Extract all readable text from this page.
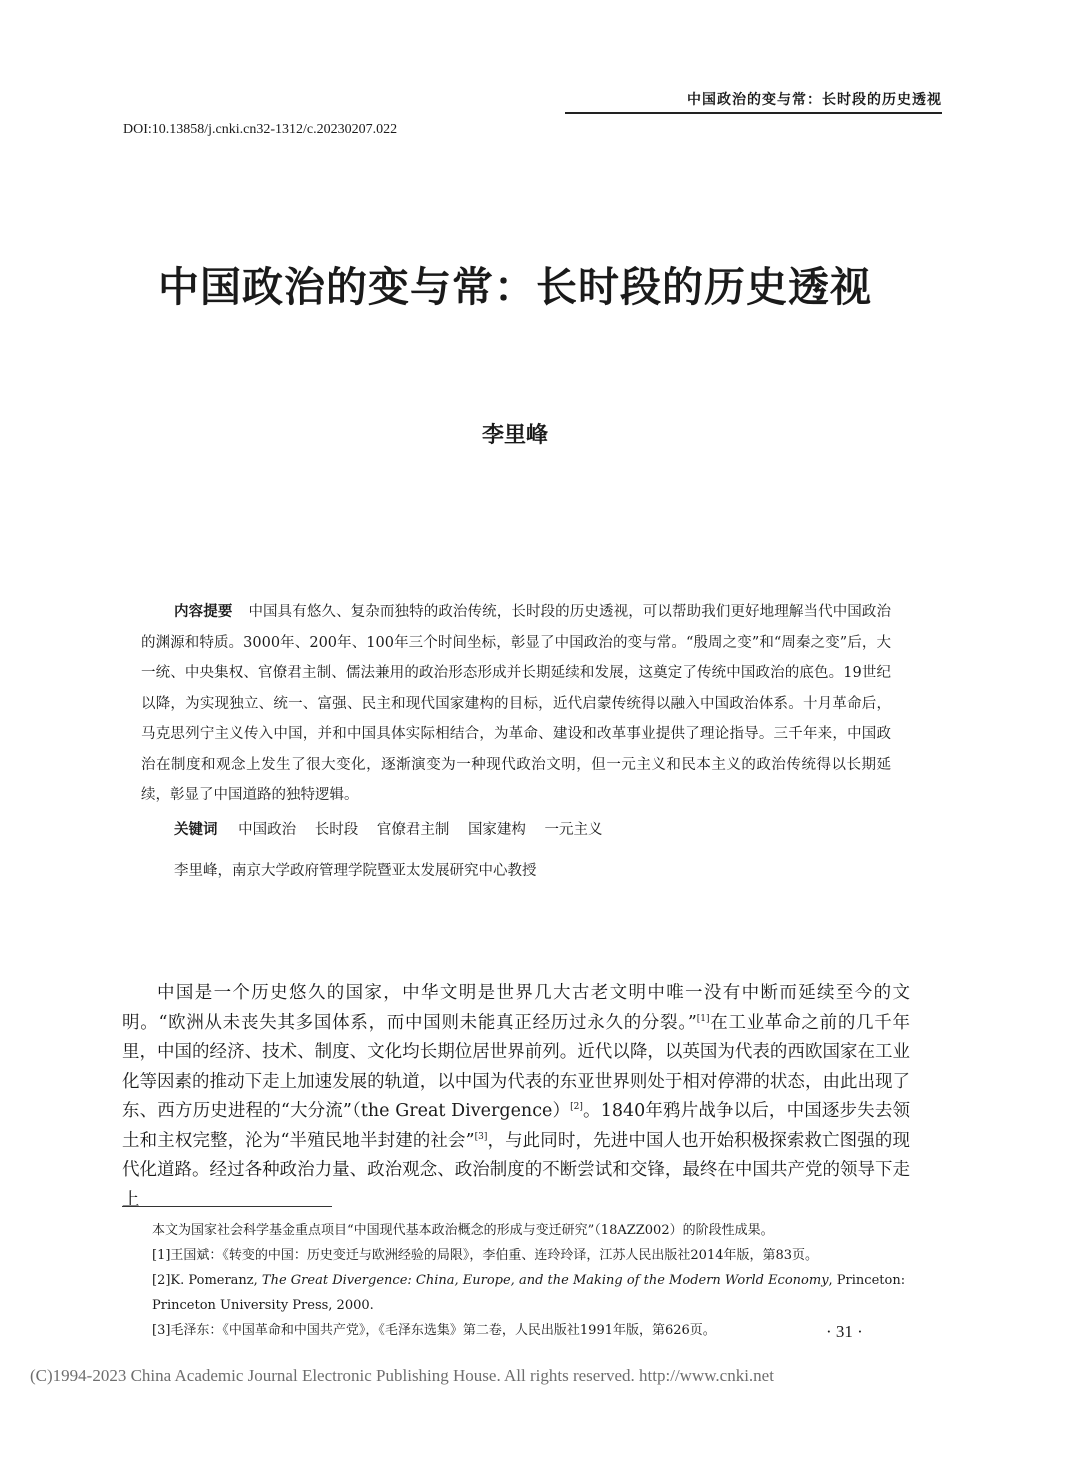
中国政治的变与常：长时段的历史透视
DOI:10.13858/j.cnki.cn32-1312/c.20230207.022
中国政治的变与常：长时段的历史透视
李里峰
内容提要 中国具有悠久、复杂而独特的政治传统，长时段的历史透视，可以帮助我们更好地理解当代中国政治的渊源和特质。3000年、200年、100年三个时间坐标，彰显了中国政治的变与常。“殷周之变”和“周秦之变”后，大一统、中央集权、官僚君主制、儒法兼用的政治形态形成并长期延续和发展，这奠定了传统中国政治的底色。19世纪以降，为实现独立、统一、富强、民主和现代国家建构的目标，近代启蒙传统得以融入中国政治体系。十月革命后，马克思列宁主义传入中国，并和中国具体实际相结合，为革命、建设和改革事业提供了理论指导。三千年来，中国政治在制度和观念上发生了很大变化，逐渐演变为一种现代政治文明，但一元主义和民本主义的政治传统得以长期延续，彰显了中国道路的独特逻辑。
关键词 中国政治 长时段 官僚君主制 国家建构 一元主义
李里峰，南京大学政府管理学院暨亚太发展研究中心教授

中国是一个历史悠久的国家，中华文明是世界几大古老文明中唯一没有中断而延续至今的文明。“欧洲从未丧失其多国体系，而中国则未能真正经历过永久的分裂。”[1]在工业革命之前的几千年里，中国的经济、技术、制度、文化均长期位居世界前列。近代以降，以英国为代表的西欧国家在工业化等因素的推动下走上加速发展的轨道，以中国为代表的东亚世界则处于相对停滞的状态，由此出现了东、西方历史进程的“大分流”（the Great Divergence）[2]。1840年鸦片战争以后，中国逐步失去领土和主权完整，沦为“半殖民地半封建的社会”[3]，与此同时，先进中国人也开始积极探索救亡图强的现代化道路。经过各种政治力量、政治观念、政治制度的不断尝试和交锋，最终在中国共产党的领导下走上

本文为国家社会科学基金重点项目“中国现代基本政治概念的形成与变迁研究”（18AZZ002）的阶段性成果。

[1]王国斌：《转变的中国：历史变迁与欧洲经验的局限》，李伯重、连玲玲译，江苏人民出版社2014年版，第83页。

[2]K. Pomeranz, The Great Divergence: China, Europe, and the Making of the Modern World Economy, Princeton: Princeton University Press, 2000.

[3]毛泽东：《中国革命和中国共产党》，《毛泽东选集》第二卷，人民出版社1991年版，第626页。	· 31 ·
(C)1994-2023 China Academic Journal Electronic Publishing House. All rights reserved. http://www.cnki.net
